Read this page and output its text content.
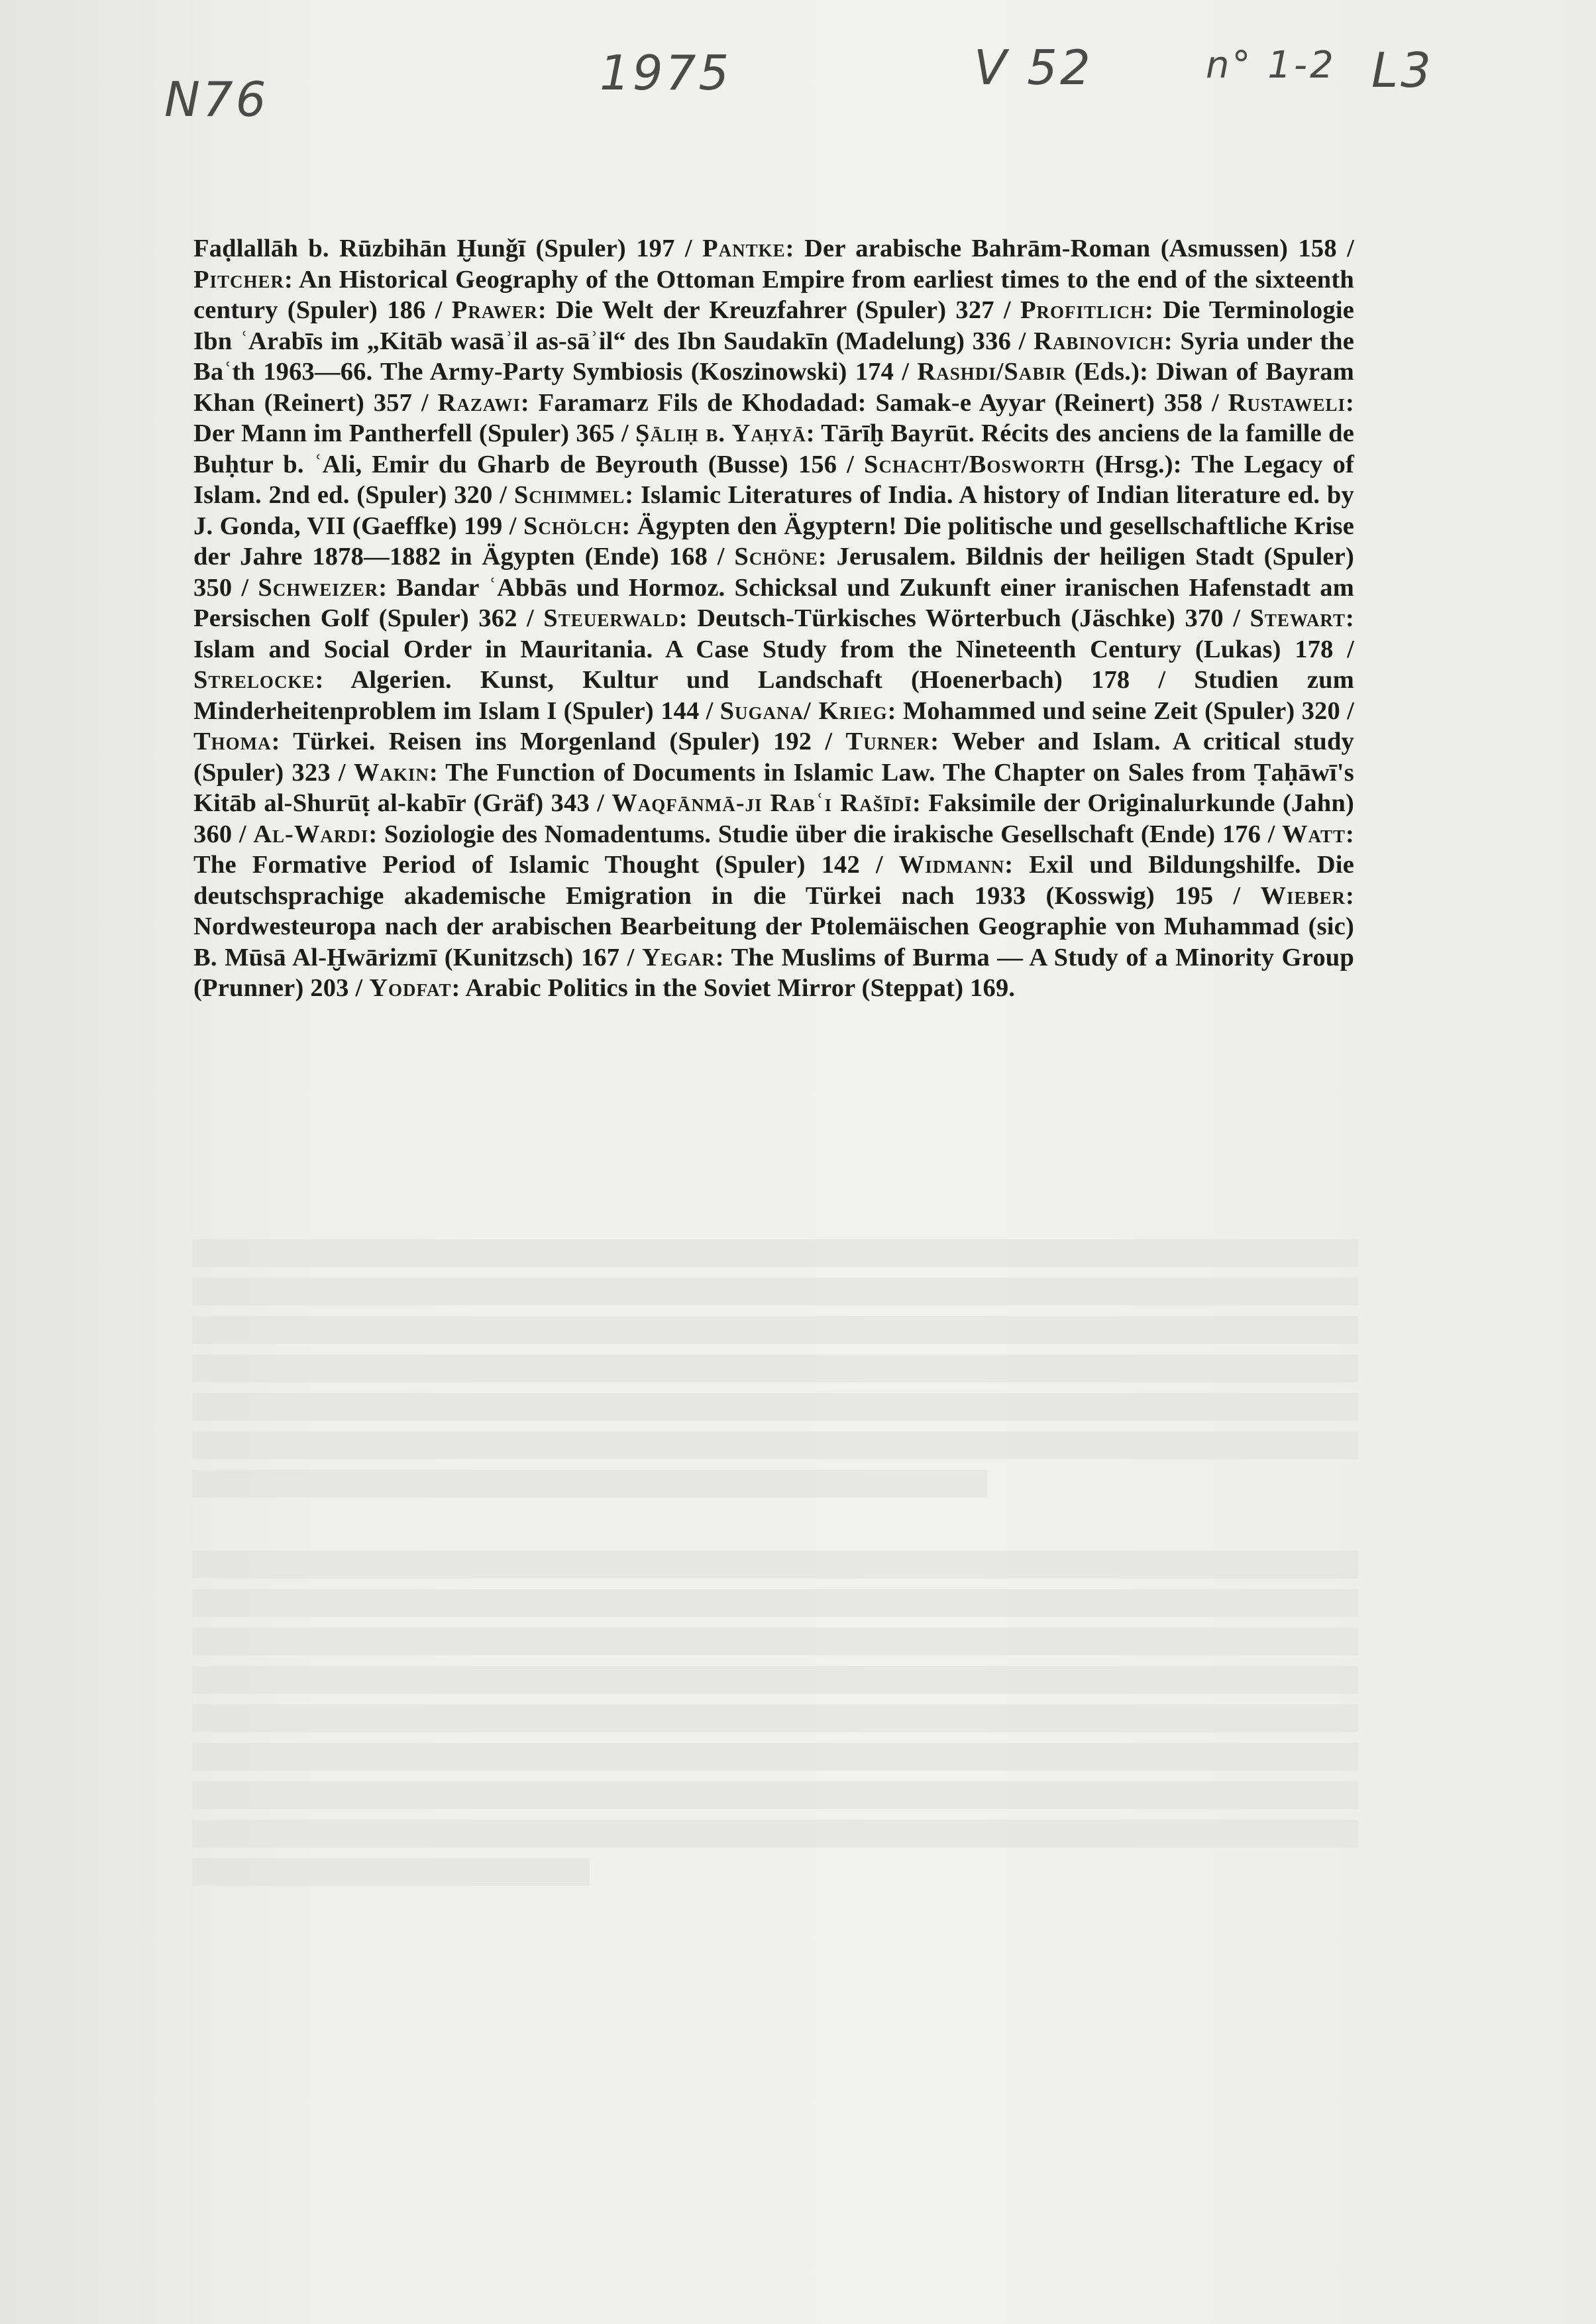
N76	1975	V 52	n° 1-2 L3
Faḍlallāh b. Rūzbihān Ḫunǧī (Spuler) 197 / Pantke: Der arabische Bahrām-Roman (Asmussen) 158 / Pitcher: An Historical Geography of the Ottoman Empire from earliest times to the end of the sixteenth century (Spuler) 186 / Prawer: Die Welt der Kreuzfahrer (Spuler) 327 / Profitlich: Die Terminologie Ibn ʿArabīs im „Kitāb wasāʾil as-sāʾil“ des Ibn Saudakīn (Madelung) 336 / Rabinovich: Syria under the Baʿth 1963—66. The Army-Party Symbiosis (Koszinowski) 174 / Rashdi/Sabir (Eds.): Diwan of Bayram Khan (Reinert) 357 / Razawi: Faramarz Fils de Khodadad: Samak-e Ayyar (Reinert) 358 / Rustaweli: Der Mann im Pantherfell (Spuler) 365 / Ṣāliḥ b. Yaḥyā: Tārīḫ Bayrūt. Récits des anciens de la famille de Buḥtur b. ʿAli, Emir du Gharb de Beyrouth (Busse) 156 / Schacht/Bosworth (Hrsg.): The Legacy of Islam. 2nd ed. (Spuler) 320 / Schimmel: Islamic Literatures of India. A history of Indian literature ed. by J. Gonda, VII (Gaeffke) 199 / Schölch: Ägypten den Ägyptern! Die politische und gesellschaftliche Krise der Jahre 1878—1882 in Ägypten (Ende) 168 / Schöne: Jerusalem. Bildnis der heiligen Stadt (Spuler) 350 / Schweizer: Bandar ʿAbbās und Hormoz. Schicksal und Zukunft einer iranischen Hafenstadt am Persischen Golf (Spuler) 362 / Steuerwald: Deutsch-Türkisches Wörterbuch (Jäschke) 370 / Stewart: Islam and Social Order in Mauritania. A Case Study from the Nineteenth Century (Lukas) 178 / Strelocke: Algerien. Kunst, Kultur und Landschaft (Hoenerbach) 178 / Studien zum Minderheitenproblem im Islam I (Spuler) 144 / Sugana/ Krieg: Mohammed und seine Zeit (Spuler) 320 / Thoma: Türkei. Reisen ins Morgenland (Spuler) 192 / Turner: Weber and Islam. A critical study (Spuler) 323 / Wakin: The Function of Documents in Islamic Law. The Chapter on Sales from Ṭaḥāwī's Kitāb al-Shurūṭ al-kabīr (Gräf) 343 / Waqfānmā-ji Rabʿi Rašīdī: Faksimile der Originalurkunde (Jahn) 360 / Al-Wardi: Soziologie des Nomadentums. Studie über die irakische Gesellschaft (Ende) 176 / Watt: The Formative Period of Islamic Thought (Spuler) 142 / Widmann: Exil und Bildungshilfe. Die deutschsprachige akademische Emigration in die Türkei nach 1933 (Kosswig) 195 / Wieber: Nordwesteuropa nach der arabischen Bearbeitung der Ptolemäischen Geographie von Muhammad (sic) B. Mūsā Al-Ḫwārizmī (Kunitzsch) 167 / Yegar: The Muslims of Burma — A Study of a Minority Group (Prunner) 203 / Yodfat: Arabic Politics in the Soviet Mirror (Steppat) 169.
